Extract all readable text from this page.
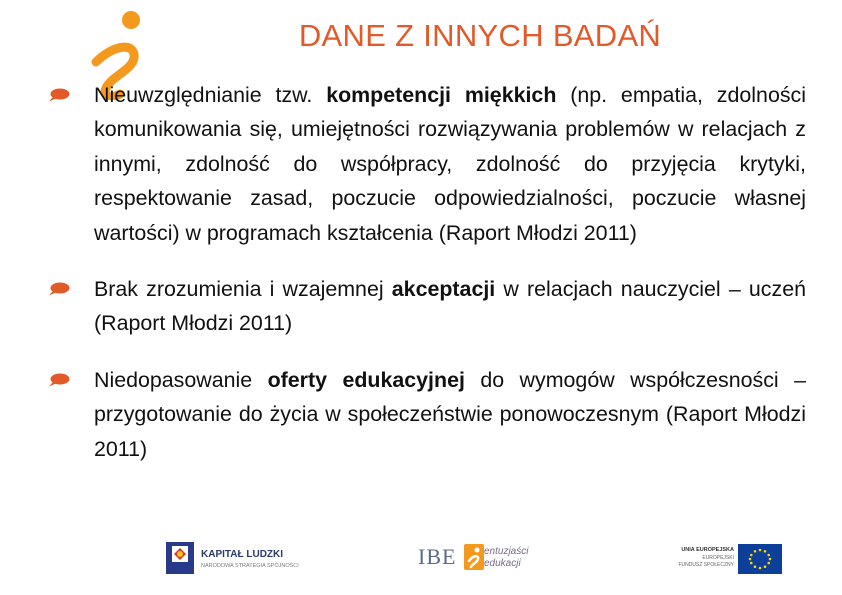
DANE Z INNYCH BADAŃ

Nieuwzględnianie tzw. kompetencji miękkich (np. empatia, zdolności komunikowania się, umiejętności rozwiązywania problemów w relacjach z innymi, zdolność do współpracy, zdolność do przyjęcia krytyki, respektowanie zasad, poczucie odpowiedzialności, poczucie własnej wartości) w programach kształcenia (Raport Młodzi 2011)

Brak zrozumienia i wzajemnej akceptacji w relacjach nauczyciel – uczeń (Raport Młodzi 2011)

Niedopasowanie oferty edukacyjnej do wymogów współczesności – przygotowanie do życia w społeczeństwie ponowoczesnym (Raport Młodzi 2011)

KAPITAŁ LUDZKI
NARODOWA STRATEGIA SPÓJNOŚCI	IBE	entuzjaści
edukacji
UNIA EUROPEJSKA
EUROPEJSKI
FUNDUSZ SPOŁECZNY
